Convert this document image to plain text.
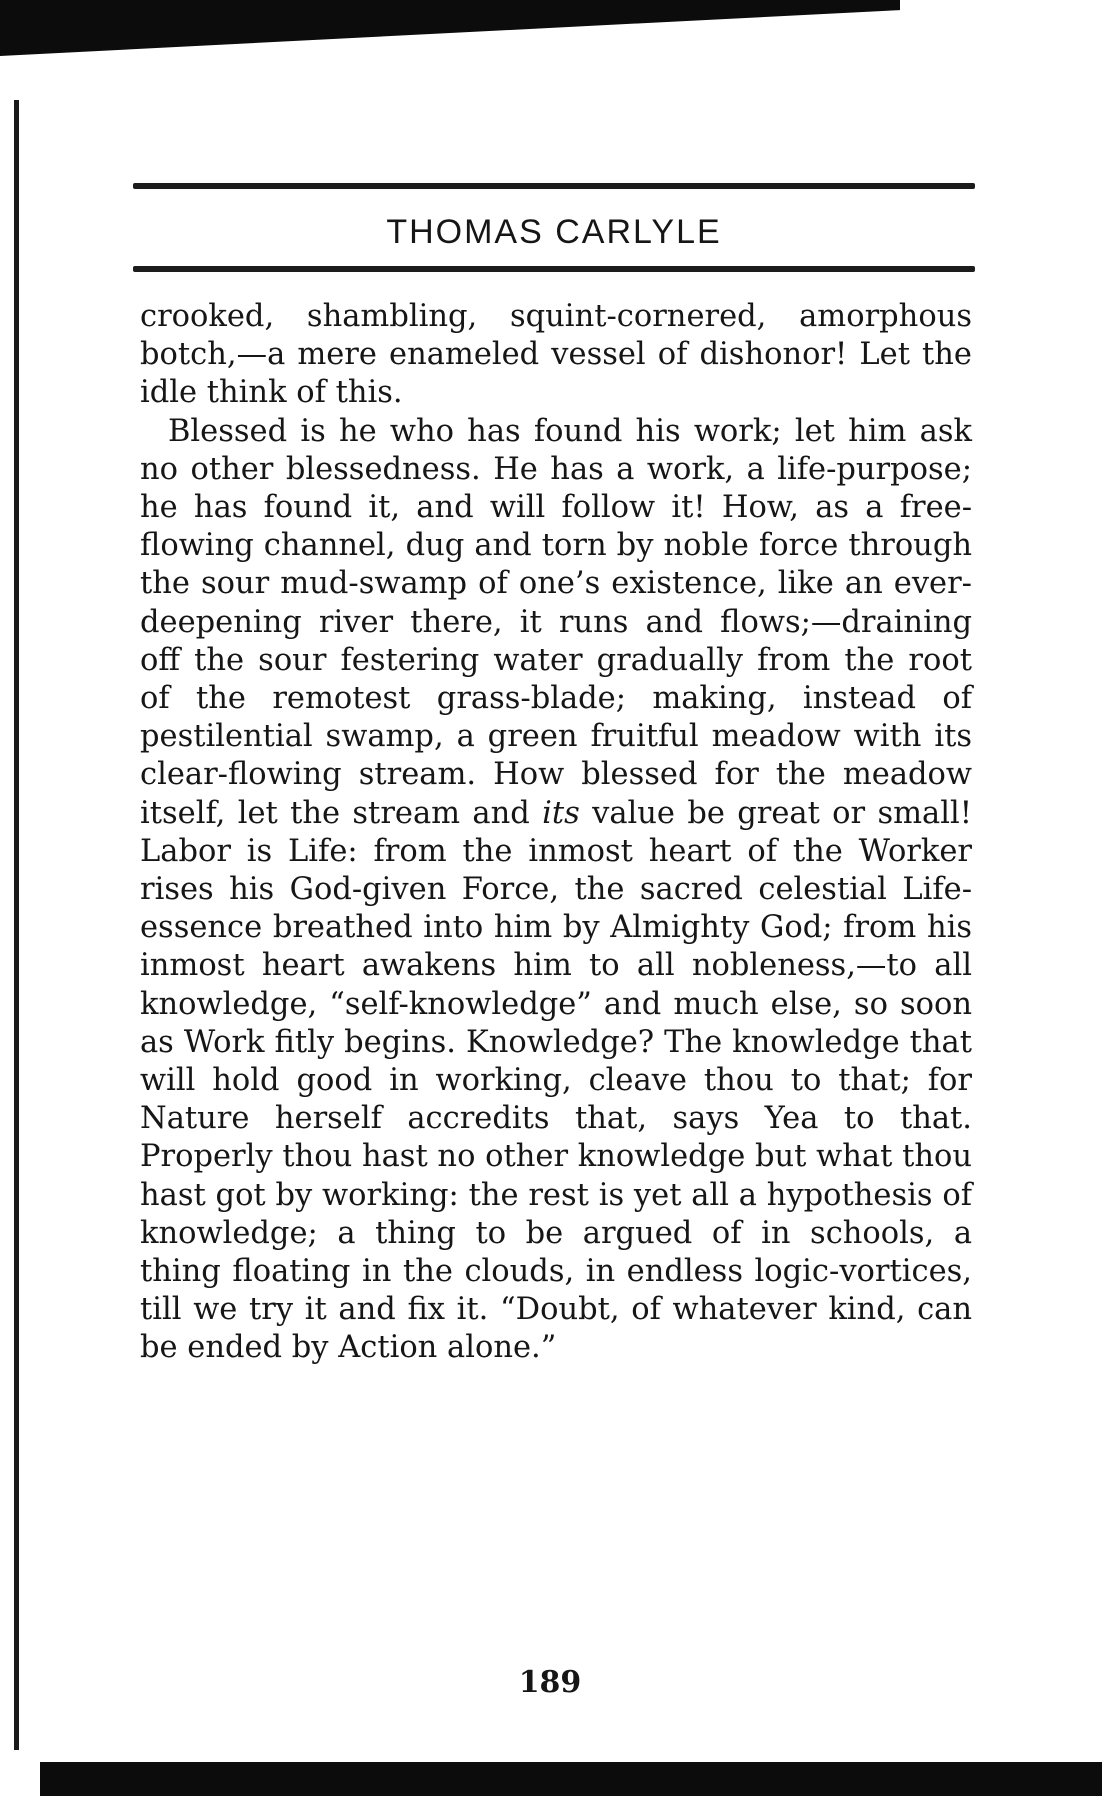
THOMAS CARLYLE

crooked, shambling, squint-cornered, amorphous botch,—a mere enameled vessel of dishonor! Let the idle think of this.

Blessed is he who has found his work; let him ask no other blessedness. He has a work, a life-purpose; he has found it, and will follow it! How, as a free-flowing channel, dug and torn by noble force through the sour mud-swamp of one’s existence, like an ever-deepening river there, it runs and flows;—draining off the sour festering water gradually from the root of the remotest grass-blade; making, instead of pestilential swamp, a green fruitful meadow with its clear-flowing stream. How blessed for the meadow itself, let the stream and its value be great or small! Labor is Life: from the inmost heart of the Worker rises his God-given Force, the sacred celestial Life-essence breathed into him by Almighty God; from his inmost heart awakens him to all nobleness,—to all knowledge, “self-knowledge” and much else, so soon as Work fitly begins. Knowledge? The knowledge that will hold good in working, cleave thou to that; for Nature herself accredits that, says Yea to that. Properly thou hast no other knowledge but what thou hast got by working: the rest is yet all a hypothesis of knowledge; a thing to be argued of in schools, a thing floating in the clouds, in endless logic-vortices, till we try it and fix it. “Doubt, of whatever kind, can be ended by Action alone.”

189
